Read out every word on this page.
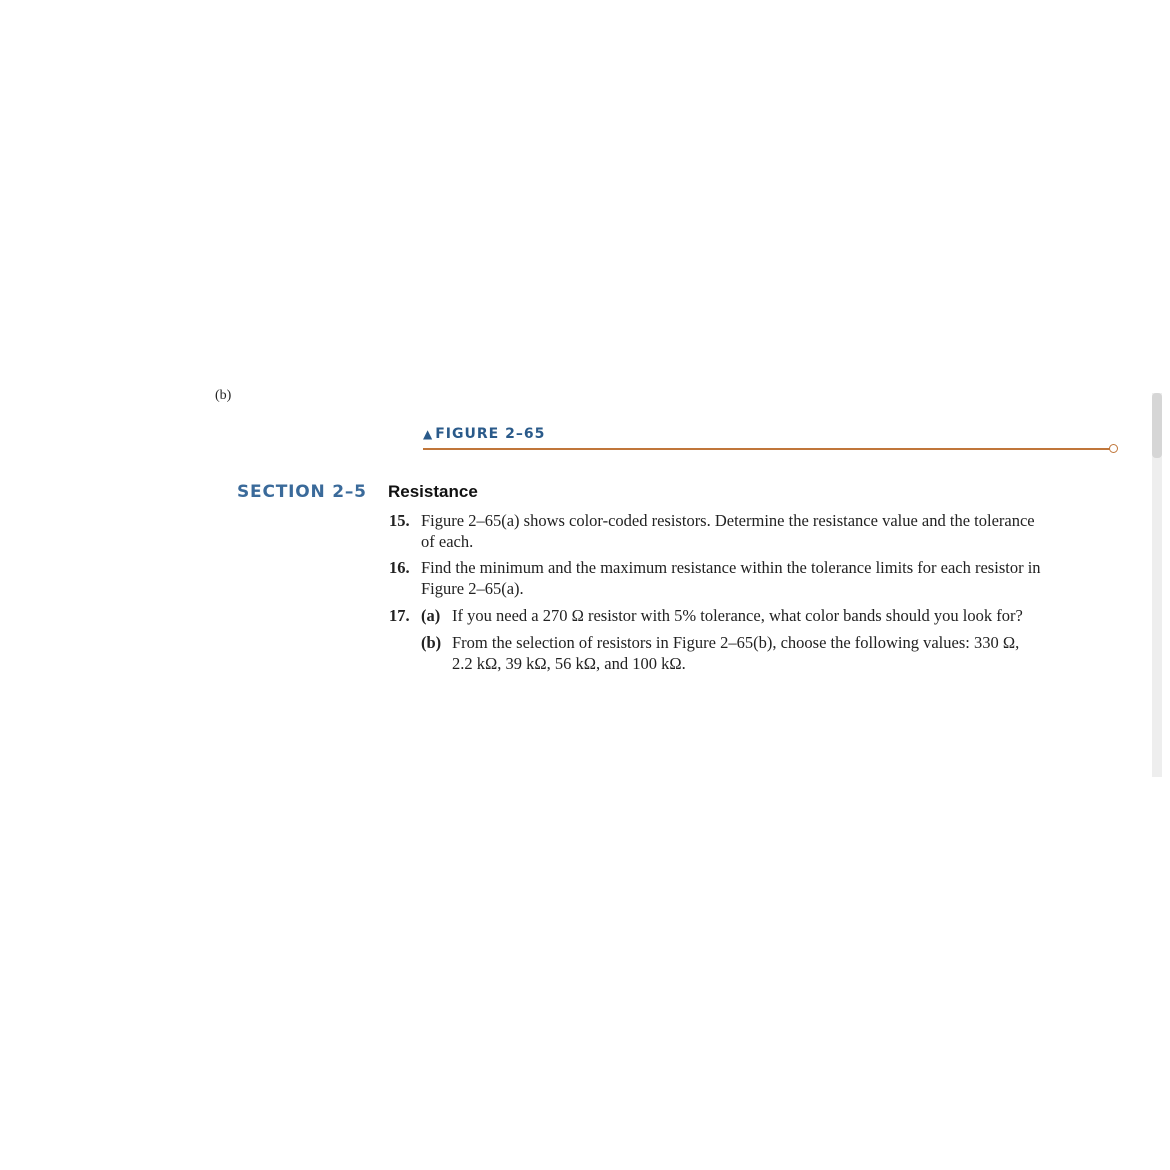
(b)
▲ FIGURE 2–65
SECTION 2–5 Resistance
15. Figure 2–65(a) shows color-coded resistors. Determine the resistance value and the tolerance
of each.
16. Find the minimum and the maximum resistance within the tolerance limits for each resistor in
Figure 2–65(a).
17. (a) If you need a 270 Ω resistor with 5% tolerance, what color bands should you look for?
(b) From the selection of resistors in Figure 2–65(b), choose the following values: 330 Ω,
2.2 kΩ, 39 kΩ, 56 kΩ, and 100 kΩ.
